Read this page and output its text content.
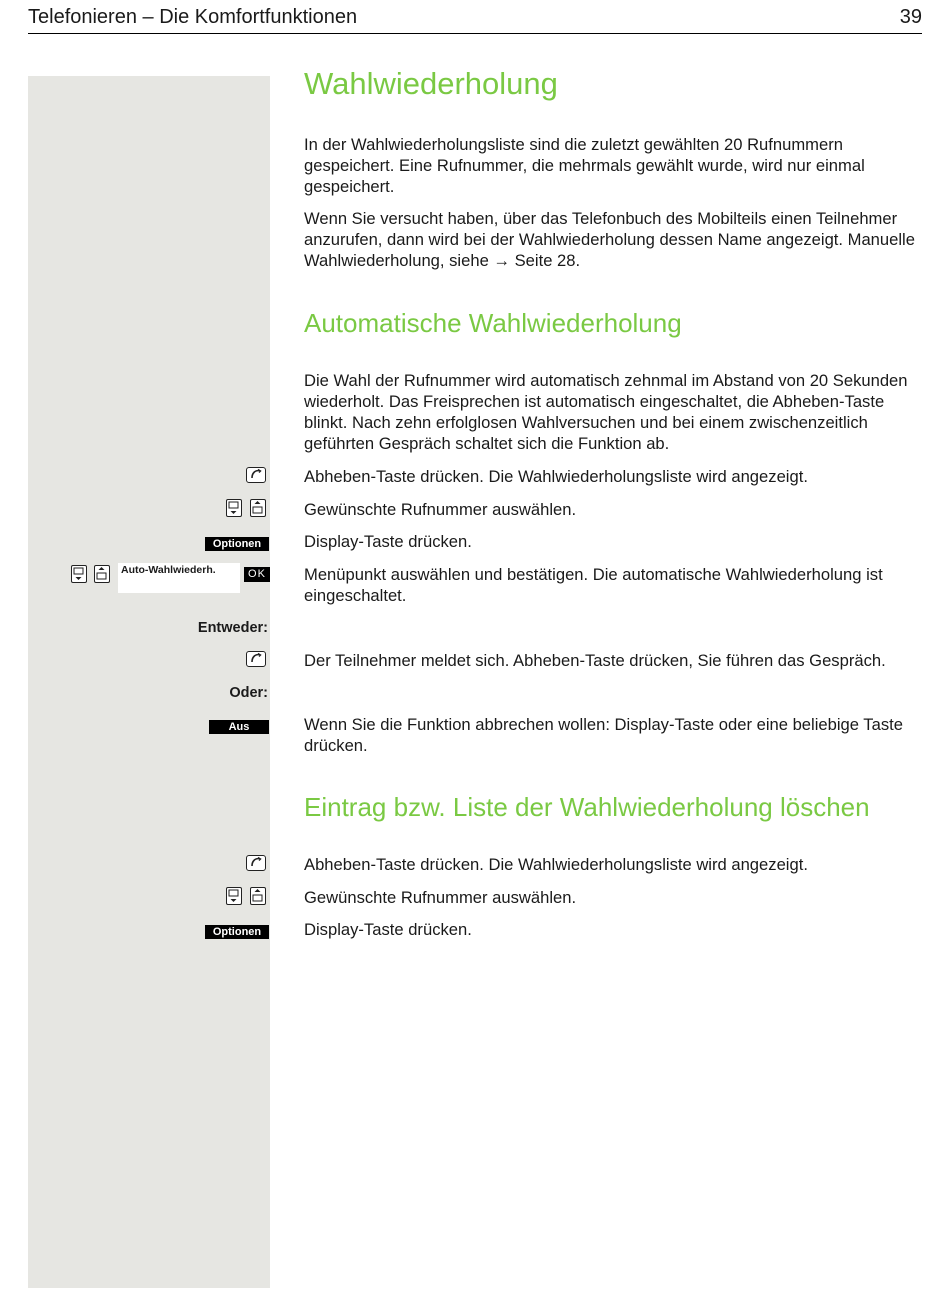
Telefonieren – Die Komfortfunktionen	39
Wahlwiederholung

In der Wahlwiederholungsliste sind die zuletzt gewählten 20 Rufnummern gespeichert. Eine Rufnummer, die mehrmals gewählt wurde, wird nur einmal gespeichert.

Wenn Sie versucht haben, über das Telefonbuch des Mobilteils einen Teilnehmer anzurufen, dann wird bei der Wahlwiederholung dessen Name angezeigt. Manuelle Wahlwiederholung, siehe → Seite 28.

Automatische Wahlwiederholung

Die Wahl der Rufnummer wird automatisch zehnmal im Abstand von 20 Sekunden wiederholt. Das Freisprechen ist automatisch eingeschaltet, die Abheben-Taste blinkt. Nach zehn erfolglosen Wahlversuchen und bei einem zwischenzeitlich geführten Gespräch schaltet sich die Funktion ab.

Abheben-Taste drücken. Die Wahlwiederholungsliste wird angezeigt.

Gewünschte Rufnummer auswählen.

Optionen	Display-Taste drücken.

Auto-Wahlwiederh.	OK Menüpunkt auswählen und bestätigen. Die automatische Wahlwiederholung ist eingeschaltet.

Entweder:

Der Teilnehmer meldet sich. Abheben-Taste drücken, Sie führen das Gespräch.

Oder:
Aus	Wenn Sie die Funktion abbrechen wollen: Display-Taste oder eine beliebige Taste drücken.

Eintrag bzw. Liste der Wahlwiederholung löschen

Abheben-Taste drücken. Die Wahlwiederholungsliste wird angezeigt.

Gewünschte Rufnummer auswählen.

Optionen	Display-Taste drücken.
